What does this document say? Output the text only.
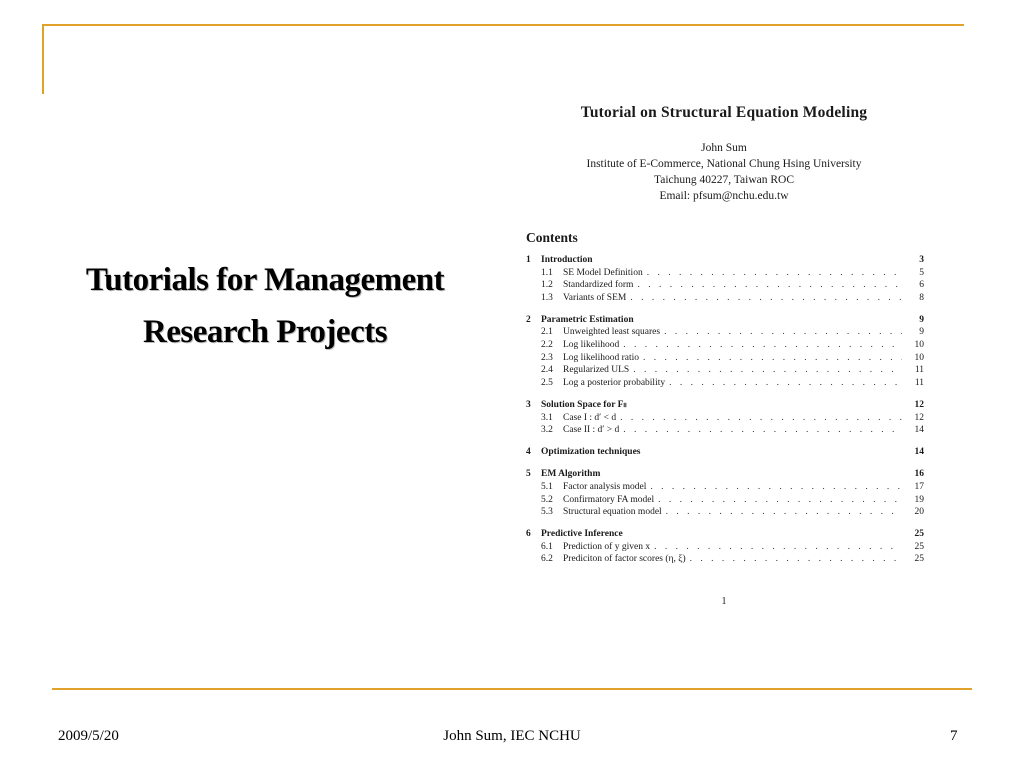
Tutorials for Management
Research Projects
Tutorial on Structural Equation Modeling
John Sum
Institute of E-Commerce, National Chung Hsing University
Taichung 40227, Taiwan ROC
Email: pfsum@nchu.edu.tw
Contents
1	Introduction	3
1.1	SE Model Definition . . .	5
1.2	Standardized form . . .	6
1.3	Variants of SEM . . .	8
2	Parametric Estimation	9
2.1	Unweighted least squares . . .	9
2.2	Log likelihood . . .	10
2.3	Log likelihood ratio . . .	10
2.4	Regularized ULS . . .	11
2.5	Log a posterior probability . . .	11
3	Solution Space for Fₗₗ	12
3.1	Case I : d′ < d . . .	12
3.2	Case II : d′ > d . . .	14
4	Optimization techniques	14
5	EM Algorithm	16
5.1	Factor analysis model . . .	17
5.2	Confirmatory FA model . . .	19
5.3	Structural equation model . . .	20
6	Predictive Inference	25
6.1	Prediction of y given x . . .	25
6.2	Prediciton of factor scores (η, ξ) . . .	25
1
2009/5/20	John Sum, IEC NCHU	7
